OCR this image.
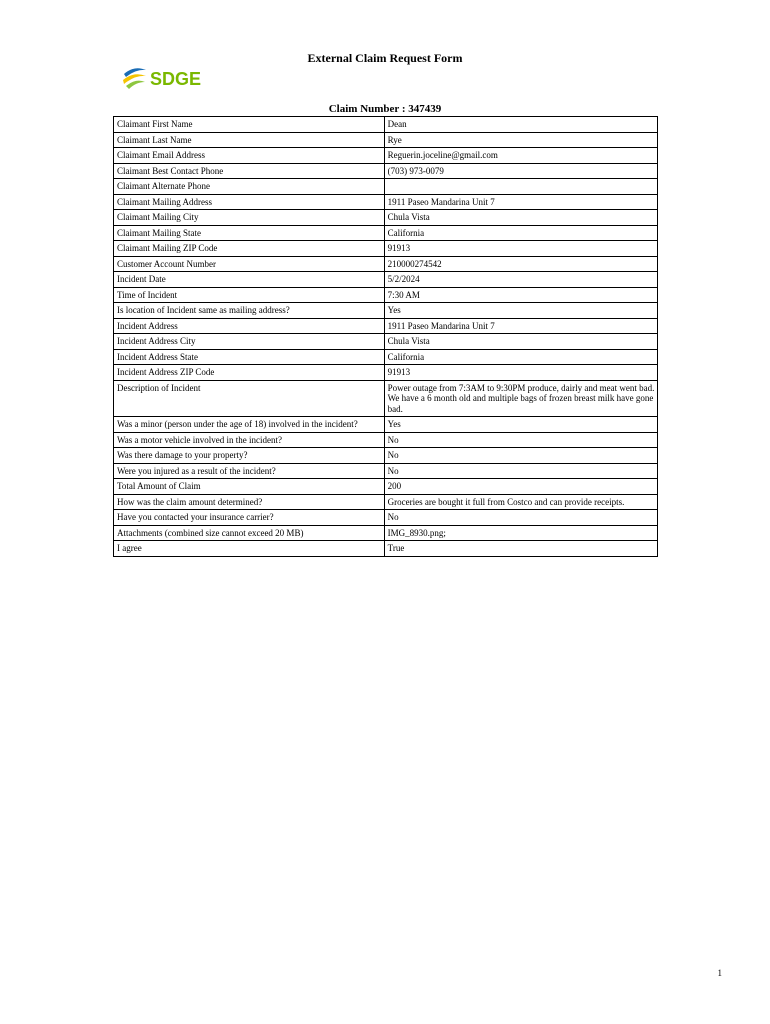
External Claim Request Form
SDGE
Claim Number : 347439
Claimant First Name	Dean
Claimant Last Name	Rye
Claimant Email Address	Reguerin.joceline@gmail.com
Claimant Best Contact Phone	(703) 973-0079
Claimant Alternate Phone	
Claimant Mailing Address	1911 Paseo Mandarina Unit 7
Claimant Mailing City	Chula Vista
Claimant Mailing State	California
Claimant Mailing ZIP Code	91913
Customer Account Number	210000274542
Incident Date	5/2/2024
Time of Incident	7:30 AM
Is location of Incident same as mailing address?	Yes
Incident Address	1911 Paseo Mandarina Unit 7
Incident Address City	Chula Vista
Incident Address State	California
Incident Address ZIP Code	91913
Description of Incident	Power outage from 7:3AM to 9:30PM produce, dairly and meat went bad. We have a 6 month old and multiple bags of frozen breast milk have gone bad.
Was a minor (person under the age of 18) involved in the incident?	Yes
Was a motor vehicle involved in the incident?	No
Was there damage to your property?	No
Were you injured as a result of the incident?	No
Total Amount of Claim	200
How was the claim amount determined?	Groceries are bought it full from Costco and can provide receipts.
Have you contacted your insurance carrier?	No
Attachments (combined size cannot exceed 20 MB)	IMG_8930.png;
I agree	True
1
